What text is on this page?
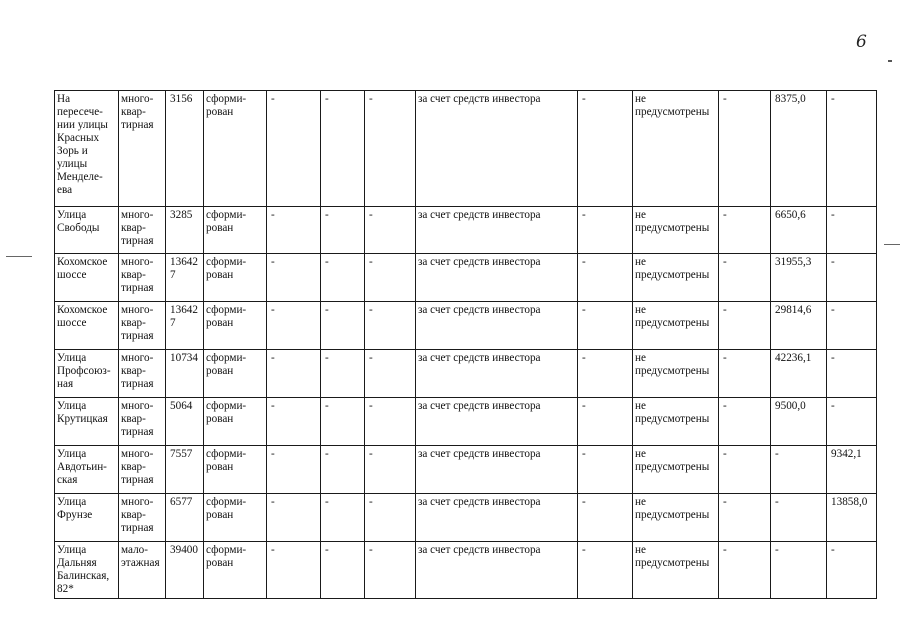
6
На пересече-нии улицы Красных Зорь и улицы Менделе-ева	много-квар-тирная	3156	сформи-рован	-	-	-	за счет средств инвестора	-	не предусмотрены	-	8375,0	-
Улица Свободы	много-квар-тирная	3285	сформи-рован	-	-	-	за счет средств инвестора	-	не предусмотрены	-	6650,6	-
Кохомское шоссе	много-квар-тирная	136427	сформи-рован	-	-	-	за счет средств инвестора	-	не предусмотрены	-	31955,3	-
Кохомское шоссе	много-квар-тирная	136427	сформи-рован	-	-	-	за счет средств инвестора	-	не предусмотрены	-	29814,6	-
Улица Профсоюз-ная	много-квар-тирная	10734	сформи-рован	-	-	-	за счет средств инвестора	-	не предусмотрены	-	42236,1	-
Улица Крутицкая	много-квар-тирная	5064	сформи-рован	-	-	-	за счет средств инвестора	-	не предусмотрены	-	9500,0	-
Улица Авдотьин-ская	много-квар-тирная	7557	сформи-рован	-	-	-	за счет средств инвестора	-	не предусмотрены	-	-	9342,1
Улица Фрунзе	много-квар-тирная	6577	сформи-рован	-	-	-	за счет средств инвестора	-	не предусмотрены	-	-	13858,0
Улица Дальняя Балинская, 82*	мало-этажная	39400	сформи-рован	-	-	-	за счет средств инвестора	-	не предусмотрены	-	-	-
